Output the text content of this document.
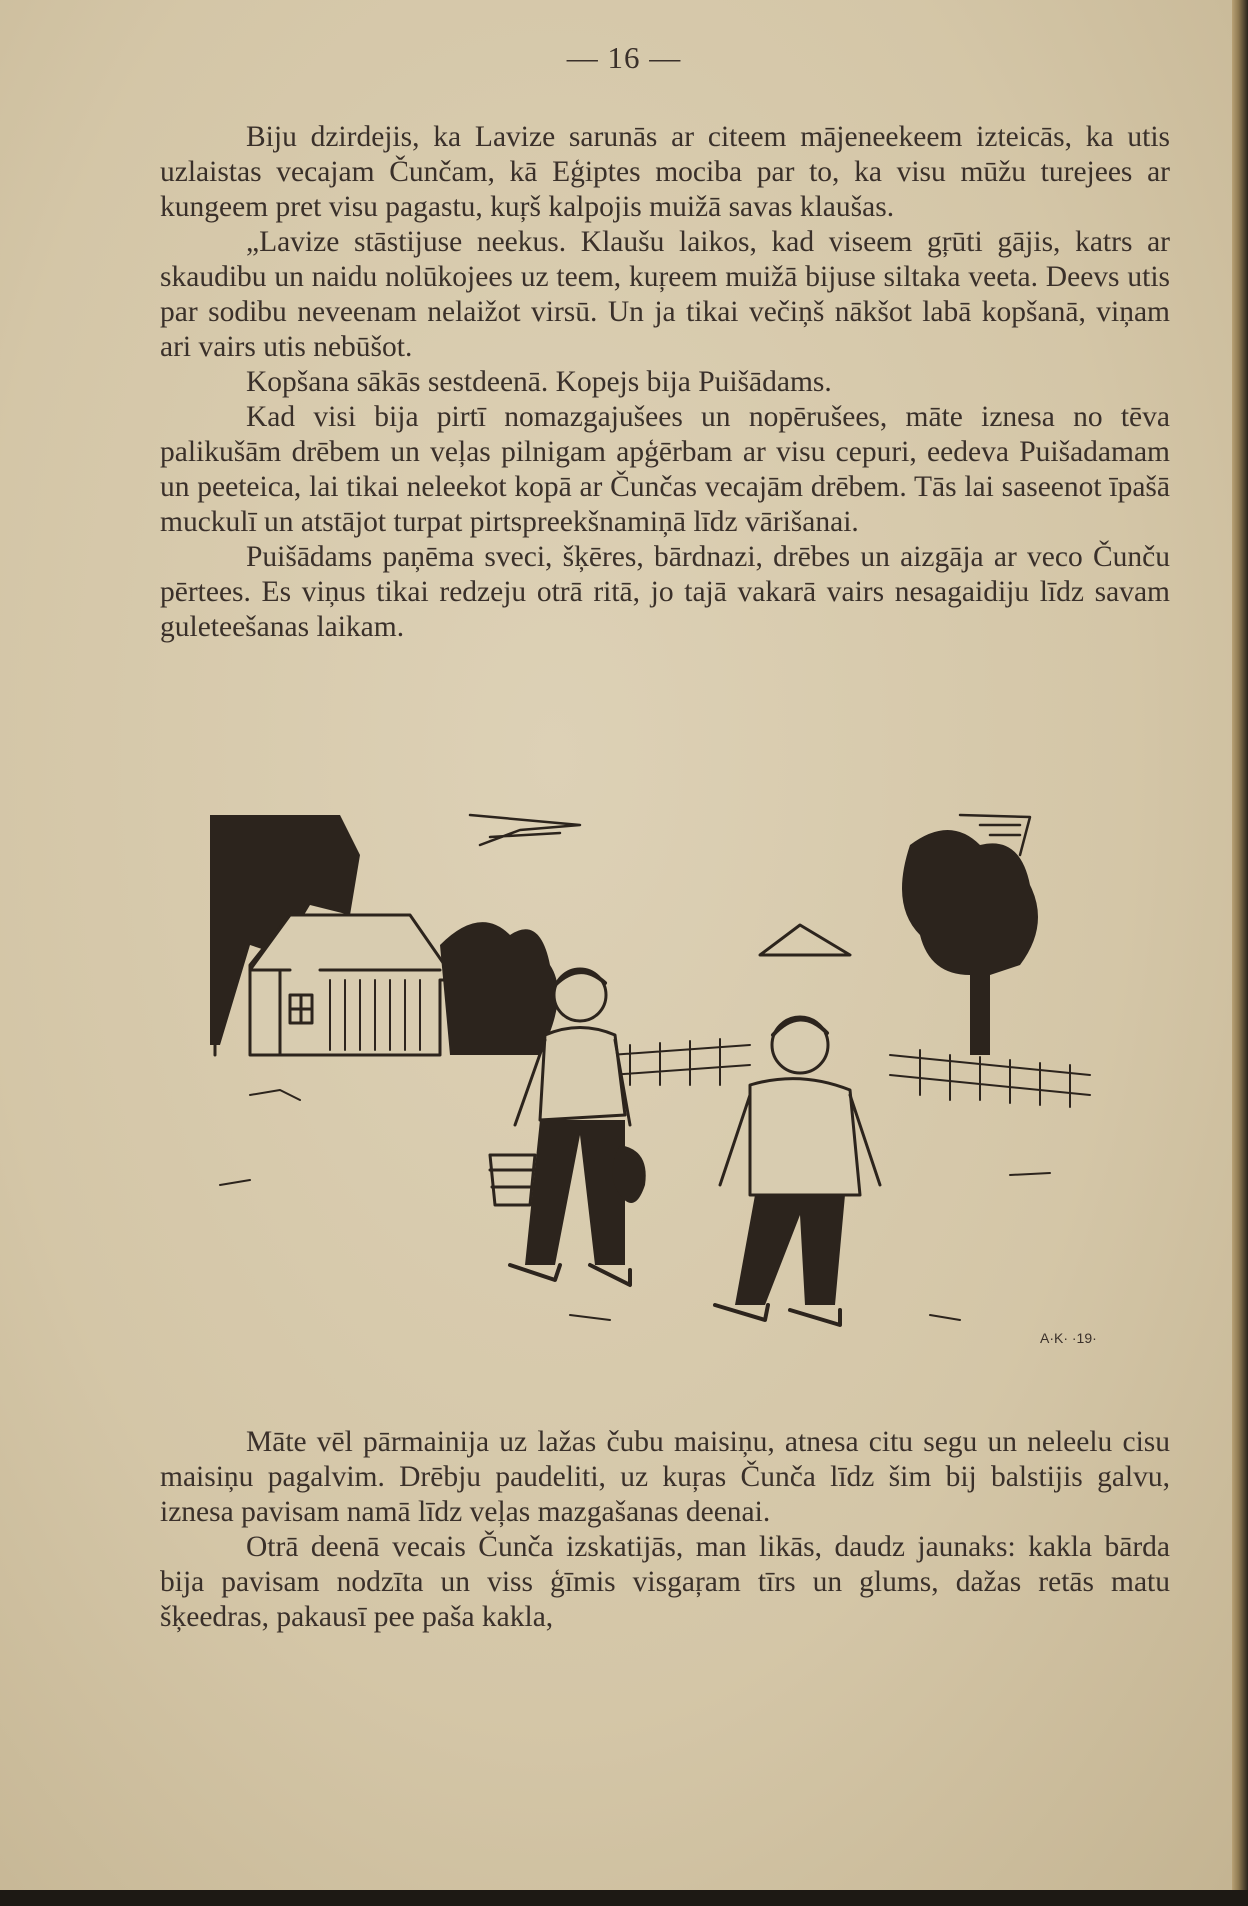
— 16 —

Biju dzirdejis, ka Lavize sarunās ar citeem mājeneekeem izteicās, ka utis uzlaistas vecajam Čunčam, kā Eģiptes mociba par to, ka visu mūžu turejees ar kungeem pret visu pagastu, kuŗš kalpojis muižā savas klaušas.

„Lavize stāstijuse neekus. Klaušu laikos, kad viseem gŗūti gājis, katrs ar skaudibu un naidu nolūkojees uz teem, kuŗeem muižā bijuse siltaka veeta. Deevs utis par sodibu neveenam nelaižot virsū. Un ja tikai večiņš nākšot labā kopšanā, viņam ari vairs utis nebūšot.

Kopšana sākās sestdeenā. Kopejs bija Puišādams.

Kad visi bija pirtī nomazgajušees un nopērušees, māte iznesa no tēva palikušām drēbem un veļas pilnigam apģērbam ar visu cepuri, eedeva Puišadamam un peeteica, lai tikai neleekot kopā ar Čunčas vecajām drēbem. Tās lai saseenot īpašā muckulī un atstājot turpat pirtspreekšnamiņā līdz vārišanai.

Puišādams paņēma sveci, šķēres, bārdnazi, drēbes un aizgāja ar veco Čunču pērtees. Es viņus tikai redzeju otrā ritā, jo tajā vakarā vairs nesagaidiju līdz savam guleteešanas laikam.

A·K· ·19·

Māte vēl pārmainija uz lažas čubu maisiņu, atnesa citu segu un neleelu cisu maisiņu pagalvim. Drēbju paudeliti, uz kuŗas Čunča līdz šim bij balstijis galvu, iznesa pavisam namā līdz veļas mazgašanas deenai.

Otrā deenā vecais Čunča izskatijās, man likās, daudz jaunaks: kakla bārda bija pavisam nodzīta un viss ģīmis visgaŗam tīrs un glums, dažas retās matu šķeedras, pakausī pee paša kakla,
